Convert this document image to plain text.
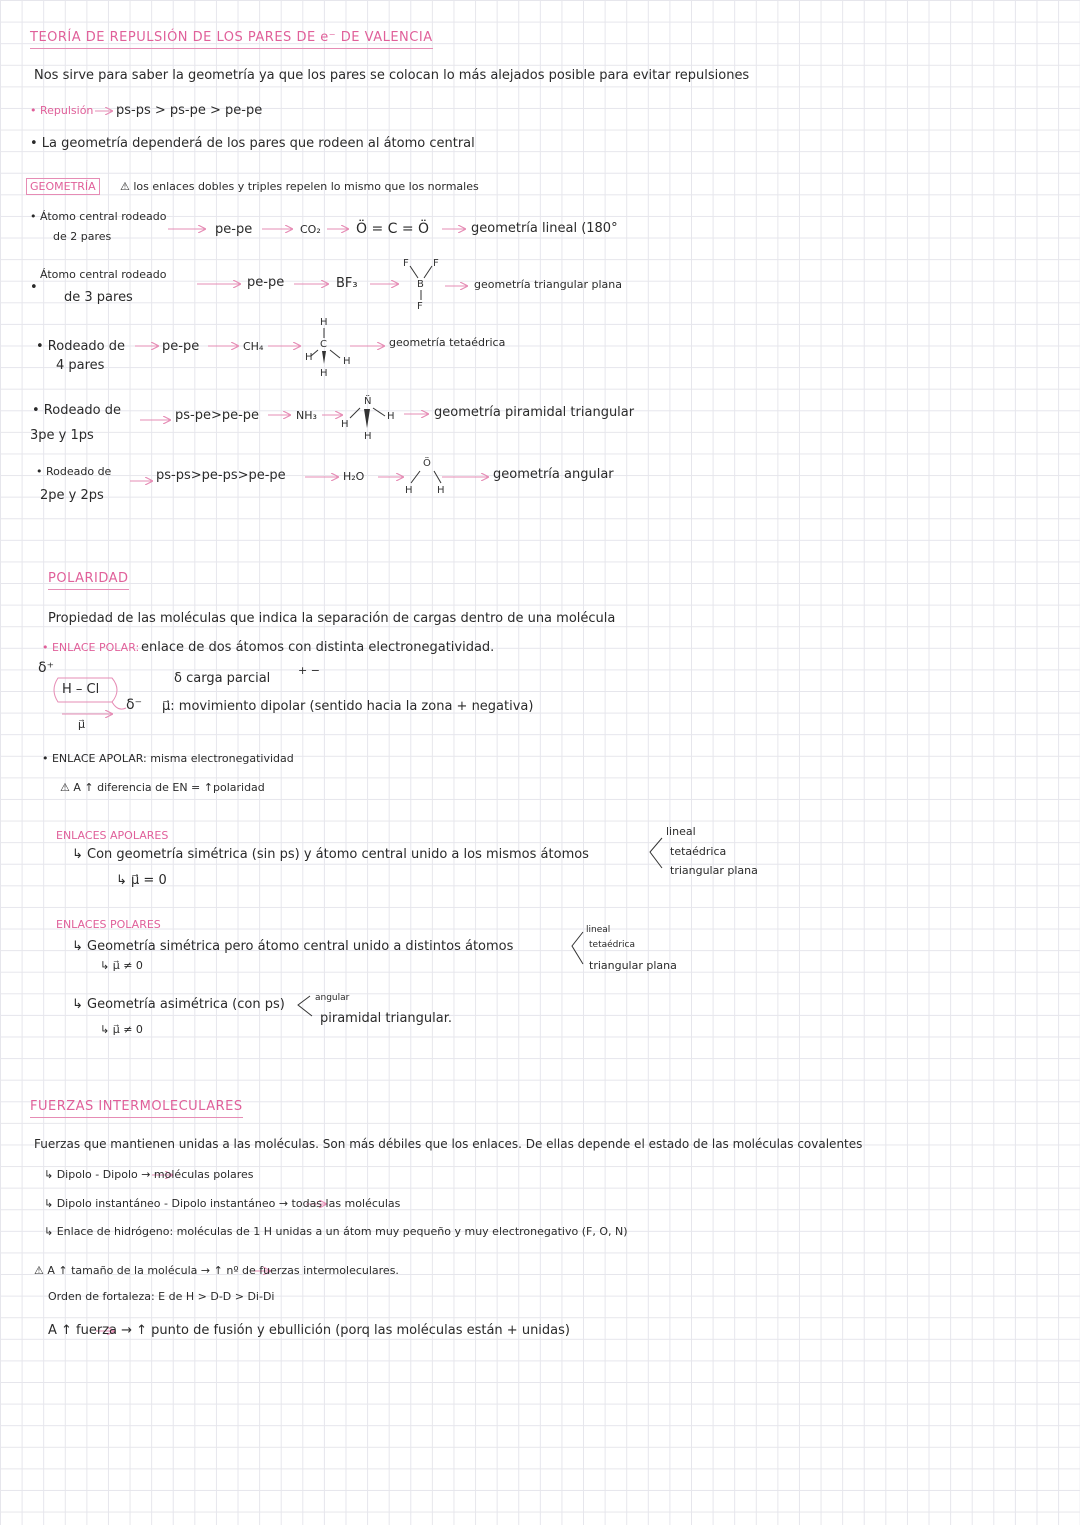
TEORÍA DE REPULSIÓN DE LOS PARES DE e⁻ DE VALENCIA
Nos sirve para saber la geometría ya que los pares se colocan lo más alejados posible para evitar repulsiones
• Repulsión ps-ps > ps-pe > pe-pe
• La geometría dependerá de los pares que rodeen al átomo central
GEOMETRÍA	⚠ los enlaces dobles y triples repelen lo mismo que los normales
• Átomo central rodeado
de 2 pares	pe-pe	CO₂	Ö = C = Ö	geometría lineal (180°
Átomo central rodeado
•
de 3 pares
pe-pe	BF₃
F F
B
F
geometría triangular plana
• Rodeado de
4 pares
pe-pe	CH₄
H
C
H	H
H
geometría tetaédrica
• Rodeado de
3pe y 1ps
ps-pe>pe-pe	NH₃
N̈
H
H
H
geometría piramidal triangular
• Rodeado de
2pe y 2ps
ps-ps>pe-ps>pe-pe	H₂O
Ö
H H
geometría angular
POLARIDAD
Propiedad de las moléculas que indica la separación de cargas dentro de una molécula
• ENLACE POLAR: enlace de dos átomos con distinta electronegatividad.
δ⁺
H – Cl
δ⁻
μ⃗
δ carga parcial
+ −
μ⃗: movimiento dipolar (sentido hacia la zona + negativa)
• ENLACE APOLAR: misma electronegatividad
⚠ A ↑ diferencia de EN = ↑polaridad
ENLACES APOLARES
↳ Con geometría simétrica (sin ps) y átomo central unido a los mismos átomos
↳ μ⃗ = 0
lineal
tetaédrica
triangular plana
ENLACES POLARES
↳ Geometría simétrica pero átomo central unido a distintos átomos
↳ μ⃗ ≠ 0
lineal
tetaédrica
triangular plana
↳ Geometría asimétrica (con ps)
↳ μ⃗ ≠ 0
angular
piramidal triangular.
FUERZAS INTERMOLECULARES
Fuerzas que mantienen unidas a las moléculas. Son más débiles que los enlaces. De ellas depende el estado de las moléculas covalentes
↳ Dipolo - Dipolo → moléculas polares
↳ Dipolo instantáneo - Dipolo instantáneo → todas las moléculas
↳ Enlace de hidrógeno: moléculas de 1 H unidas a un átom muy pequeño y muy electronegativo (F, O, N)
⚠ A ↑ tamaño de la molécula → ↑ nº de fuerzas intermoleculares.
Orden de fortaleza: E de H > D-D > Di-Di
A ↑ fuerza → ↑ punto de fusión y ebullición (porq las moléculas están + unidas)
